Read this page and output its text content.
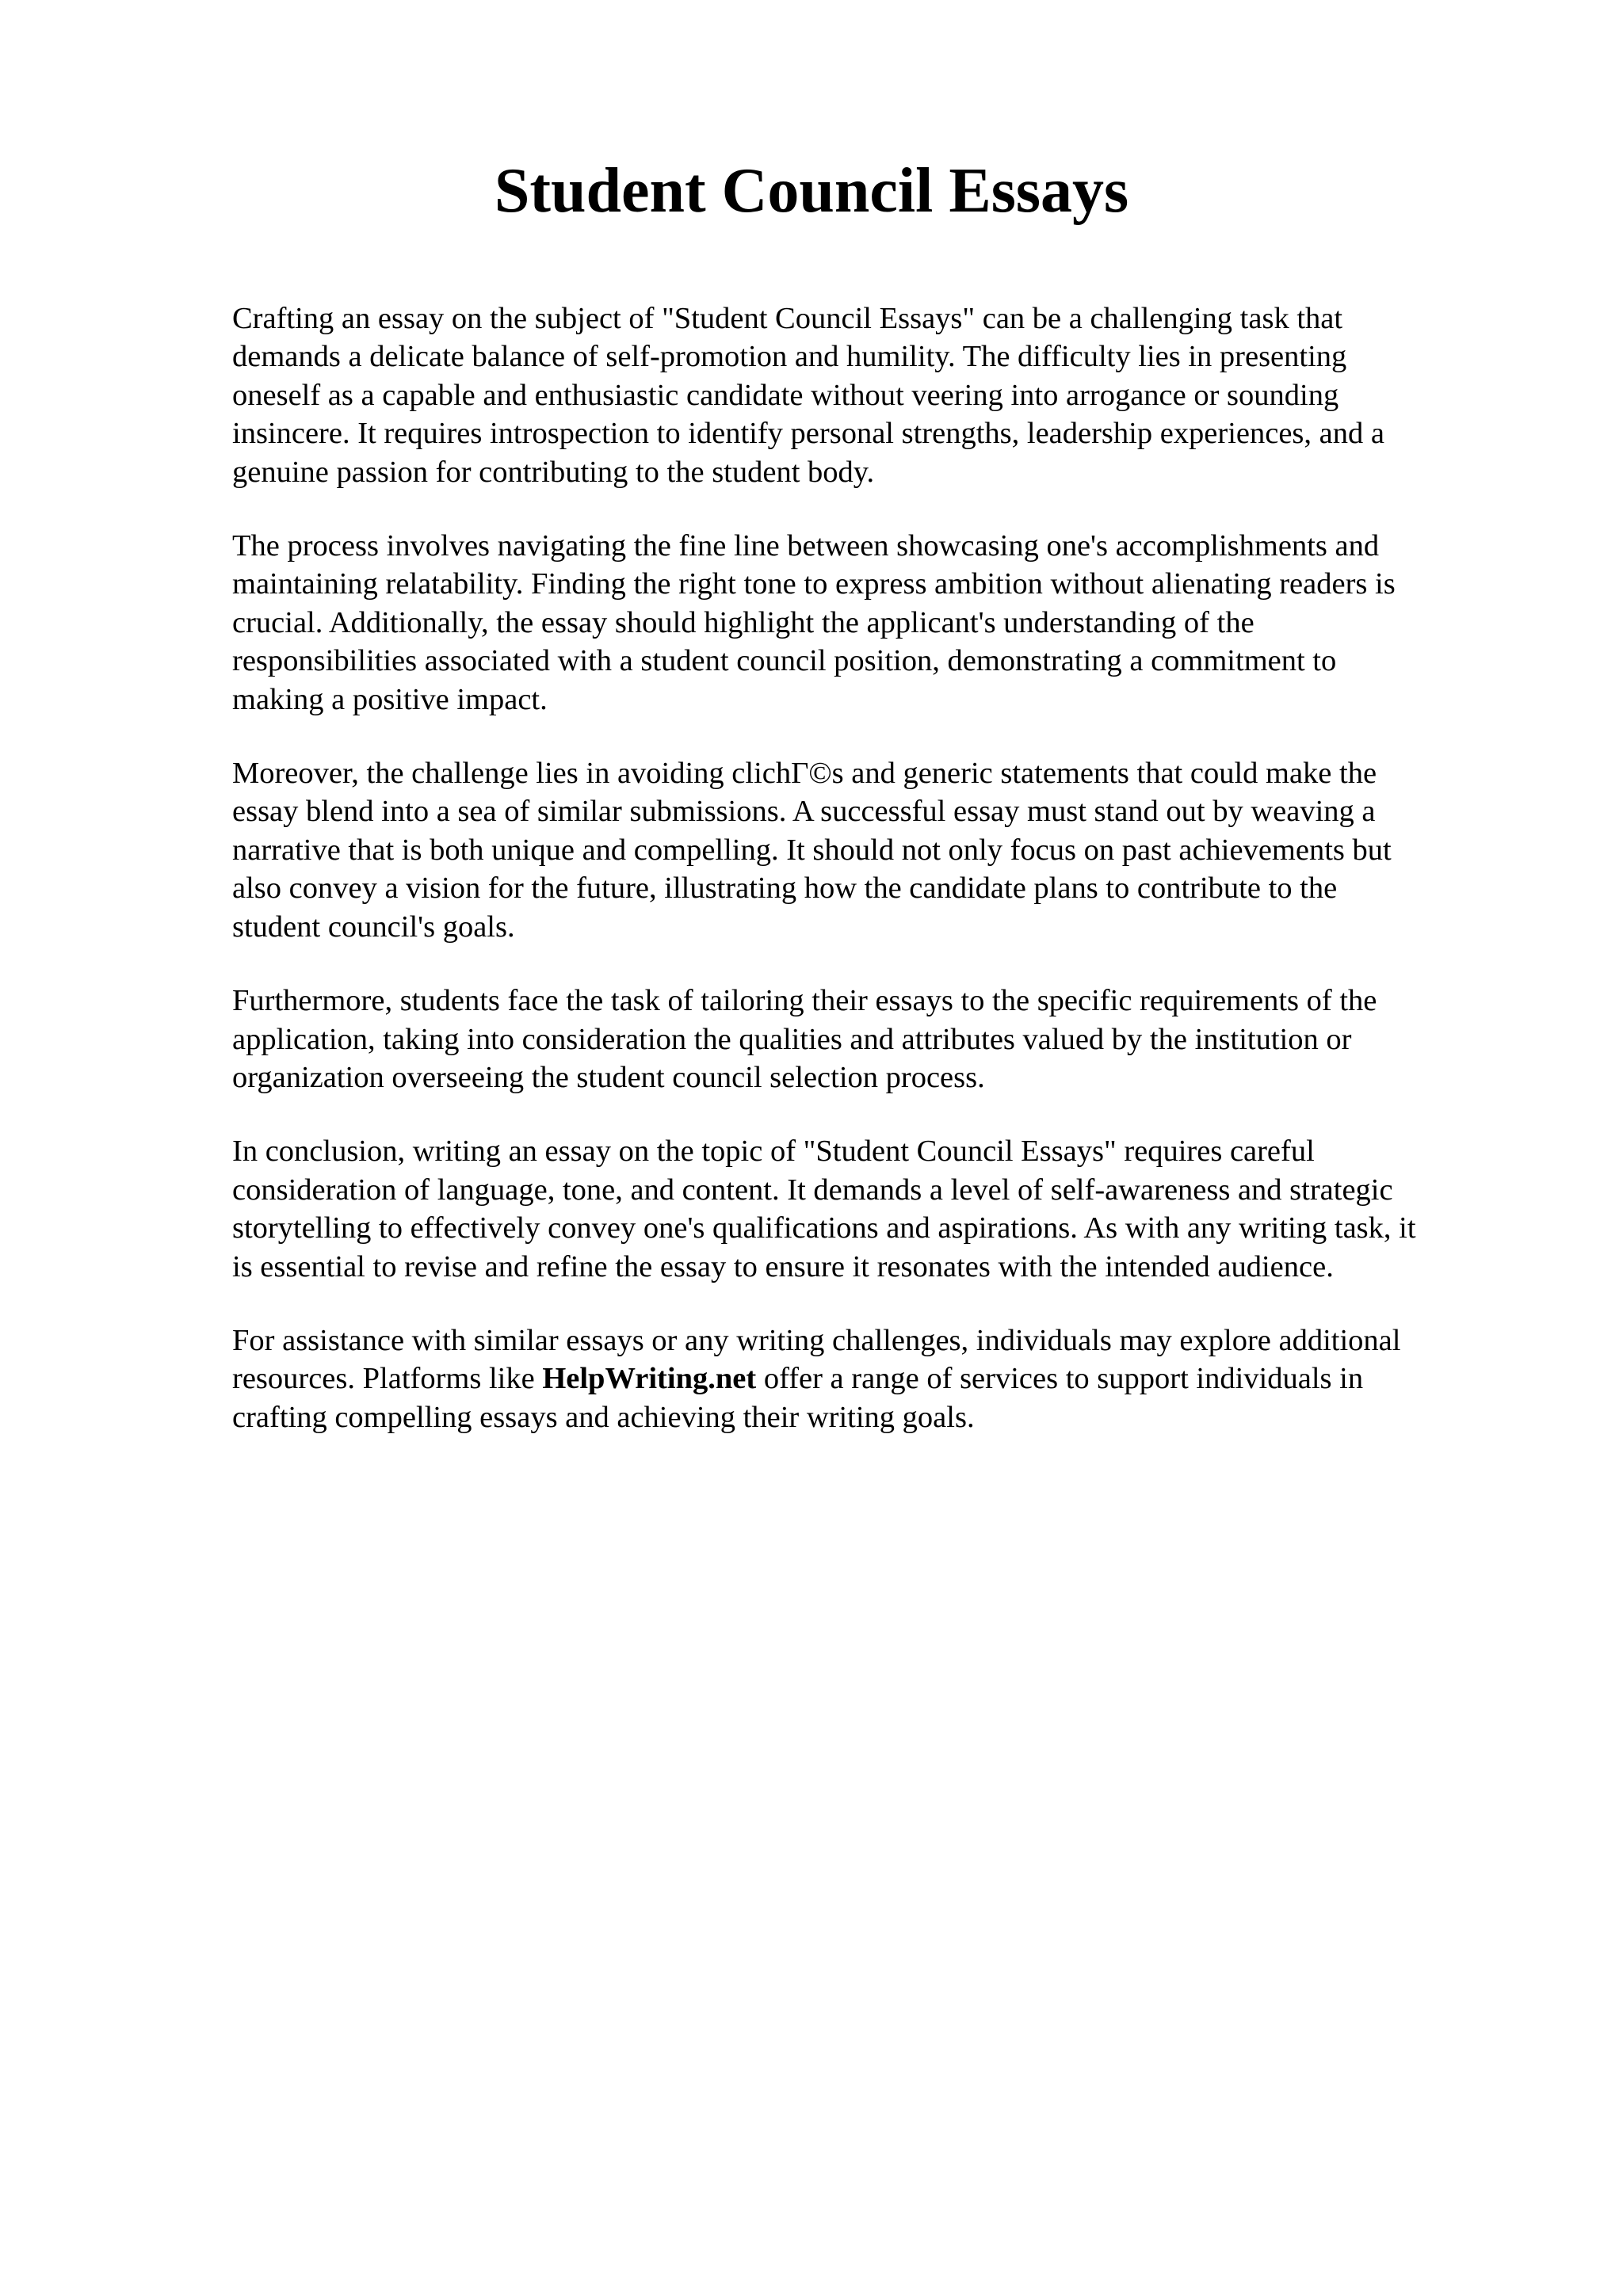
Student Council Essays

Crafting an essay on the subject of "Student Council Essays" can be a challenging task that
demands a delicate balance of self-promotion and humility. The difficulty lies in presenting
oneself as a capable and enthusiastic candidate without veering into arrogance or sounding
insincere. It requires introspection to identify personal strengths, leadership experiences, and a
genuine passion for contributing to the student body.

The process involves navigating the fine line between showcasing one's accomplishments and
maintaining relatability. Finding the right tone to express ambition without alienating readers is
crucial. Additionally, the essay should highlight the applicant's understanding of the
responsibilities associated with a student council position, demonstrating a commitment to
making a positive impact.

Moreover, the challenge lies in avoiding clichΓ©s and generic statements that could make the
essay blend into a sea of similar submissions. A successful essay must stand out by weaving a
narrative that is both unique and compelling. It should not only focus on past achievements but
also convey a vision for the future, illustrating how the candidate plans to contribute to the
student council's goals.

Furthermore, students face the task of tailoring their essays to the specific requirements of the
application, taking into consideration the qualities and attributes valued by the institution or
organization overseeing the student council selection process.

In conclusion, writing an essay on the topic of "Student Council Essays" requires careful
consideration of language, tone, and content. It demands a level of self-awareness and strategic
storytelling to effectively convey one's qualifications and aspirations. As with any writing task, it
is essential to revise and refine the essay to ensure it resonates with the intended audience.

For assistance with similar essays or any writing challenges, individuals may explore additional
resources. Platforms like HelpWriting.net offer a range of services to support individuals in
crafting compelling essays and achieving their writing goals.
